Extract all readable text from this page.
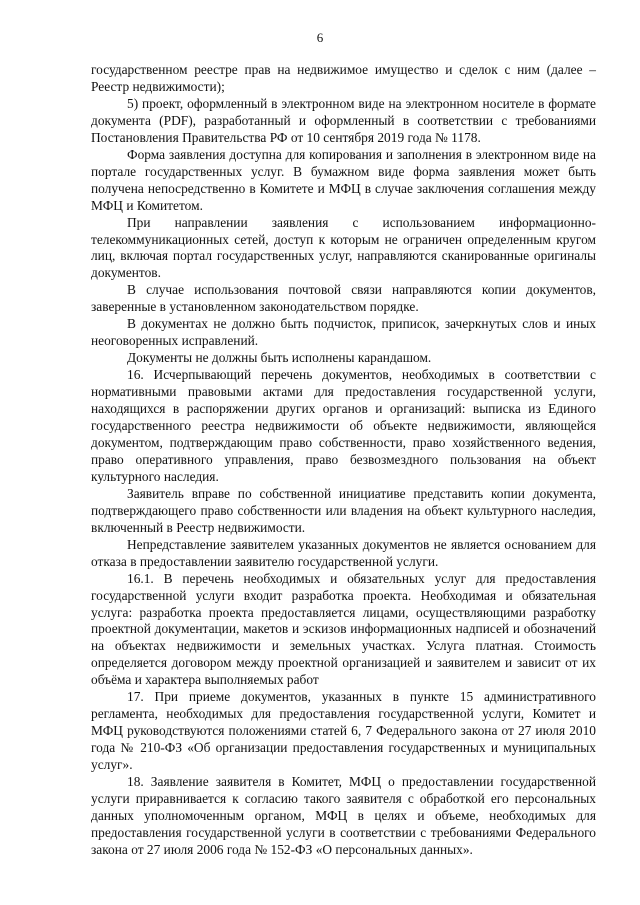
6

государственном реестре прав на недвижимое имущество и сделок с ним (далее – Реестр недвижимости);

5) проект, оформленный в электронном виде на электронном носителе в формате документа (PDF), разработанный и оформленный в соответствии с требованиями Постановления Правительства РФ от 10 сентября 2019 года № 1178.

Форма заявления доступна для копирования и заполнения в электронном виде на портале государственных услуг. В бумажном виде форма заявления может быть получена непосредственно в Комитете и МФЦ в случае заключения соглашения между МФЦ и Комитетом.

При направлении заявления с использованием информационно-телекоммуникационных сетей, доступ к которым не ограничен определенным кругом лиц, включая портал государственных услуг, направляются сканированные оригиналы документов.

В случае использования почтовой связи направляются копии документов, заверенные в установленном законодательством порядке.

В документах не должно быть подчисток, приписок, зачеркнутых слов и иных неоговоренных исправлений.

Документы не должны быть исполнены карандашом.

16. Исчерпывающий перечень документов, необходимых в соответствии с нормативными правовыми актами для предоставления государственной услуги, находящихся в распоряжении других органов и организаций: выписка из Единого государственного реестра недвижимости об объекте недвижимости, являющейся документом, подтверждающим право собственности, право хозяйственного ведения, право оперативного управления, право безвозмездного пользования на объект культурного наследия.

Заявитель вправе по собственной инициативе представить копии документа, подтверждающего право собственности или владения на объект культурного наследия, включенный в Реестр недвижимости.

Непредставление заявителем указанных документов не является основанием для отказа в предоставлении заявителю государственной услуги.

16.1. В перечень необходимых и обязательных услуг для предоставления государственной услуги входит разработка проекта. Необходимая и обязательная услуга: разработка проекта предоставляется лицами, осуществляющими разработку проектной документации, макетов и эскизов информационных надписей и обозначений на объектах недвижимости и земельных участках. Услуга платная. Стоимость определяется договором между проектной организацией и заявителем и зависит от их объёма и характера выполняемых работ

17. При приеме документов, указанных в пункте 15 административного регламента, необходимых для предоставления государственной услуги, Комитет и МФЦ руководствуются положениями статей 6, 7 Федерального закона от 27 июля 2010 года № 210-ФЗ «Об организации предоставления государственных и муниципальных услуг».

18. Заявление заявителя в Комитет, МФЦ о предоставлении государственной услуги приравнивается к согласию такого заявителя с обработкой его персональных данных уполномоченным органом, МФЦ в целях и объеме, необходимых для предоставления государственной услуги в соответствии с требованиями Федерального закона от 27 июля 2006 года № 152-ФЗ «О персональных данных».
